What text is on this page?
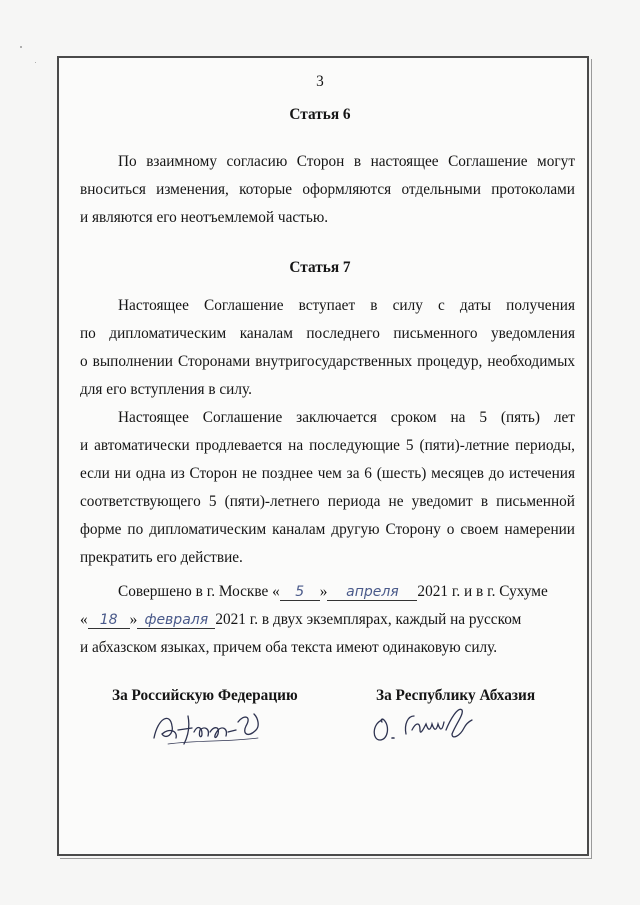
3
Статья 6
По взаимному согласию Сторон в настоящее Соглашение могут
вноситься изменения, которые оформляются отдельными протоколами
и являются его неотъемлемой частью.
Статья 7
Настоящее Соглашение вступает в силу с даты получения
по дипломатическим каналам последнего письменного уведомления
о выполнении Сторонами внутригосударственных процедур, необходимых
для его вступления в силу.
Настоящее Соглашение заключается сроком на 5 (пять) лет
и автоматически продлевается на последующие 5 (пяти)-летние периоды,
если ни одна из Сторон не позднее чем за 6 (шесть) месяцев до истечения
соответствующего 5 (пяти)-летнего периода не уведомит в письменной
форме по дипломатическим каналам другую Сторону о своем намерении
прекратить его действие.
Совершено в г. Москве « 5 » апреля 2021 г. и в г. Сухуме
« 18 » февраля 2021 г. в двух экземплярах, каждый на русском
и абхазском языках, причем оба текста имеют одинаковую силу.
За Российскую Федерацию	За Республику Абхазия
